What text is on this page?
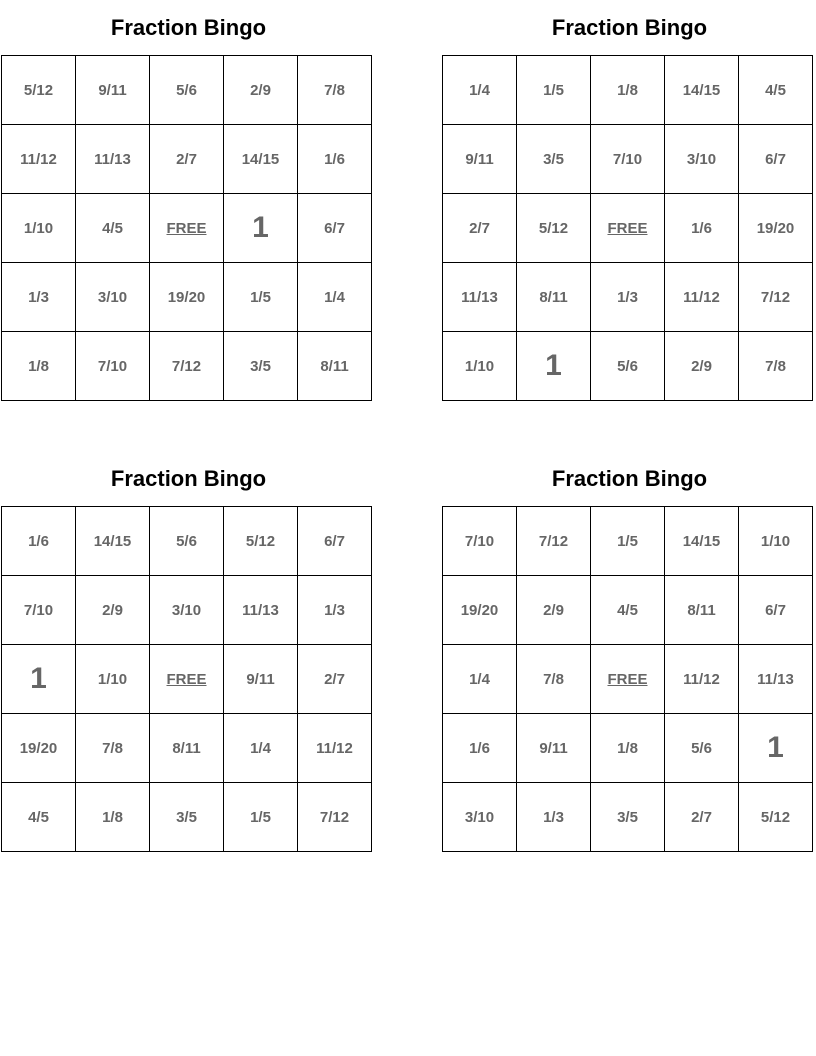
Fraction Bingo
5/12	9/11	5/6	2/9	7/8
11/12	11/13	2/7	14/15	1/6
1/10	4/5	FREE	1	6/7
1/3	3/10	19/20	1/5	1/4
1/8	7/10	7/12	3/5	8/11
Fraction Bingo
1/4	1/5	1/8	14/15	4/5
9/11	3/5	7/10	3/10	6/7
2/7	5/12	FREE	1/6	19/20
11/13	8/11	1/3	11/12	7/12
1/10	1	5/6	2/9	7/8
Fraction Bingo
1/6	14/15	5/6	5/12	6/7
7/10	2/9	3/10	11/13	1/3
1	1/10	FREE	9/11	2/7
19/20	7/8	8/11	1/4	11/12
4/5	1/8	3/5	1/5	7/12
Fraction Bingo
7/10	7/12	1/5	14/15	1/10
19/20	2/9	4/5	8/11	6/7
1/4	7/8	FREE	11/12	11/13
1/6	9/11	1/8	5/6	1
3/10	1/3	3/5	2/7	5/12
